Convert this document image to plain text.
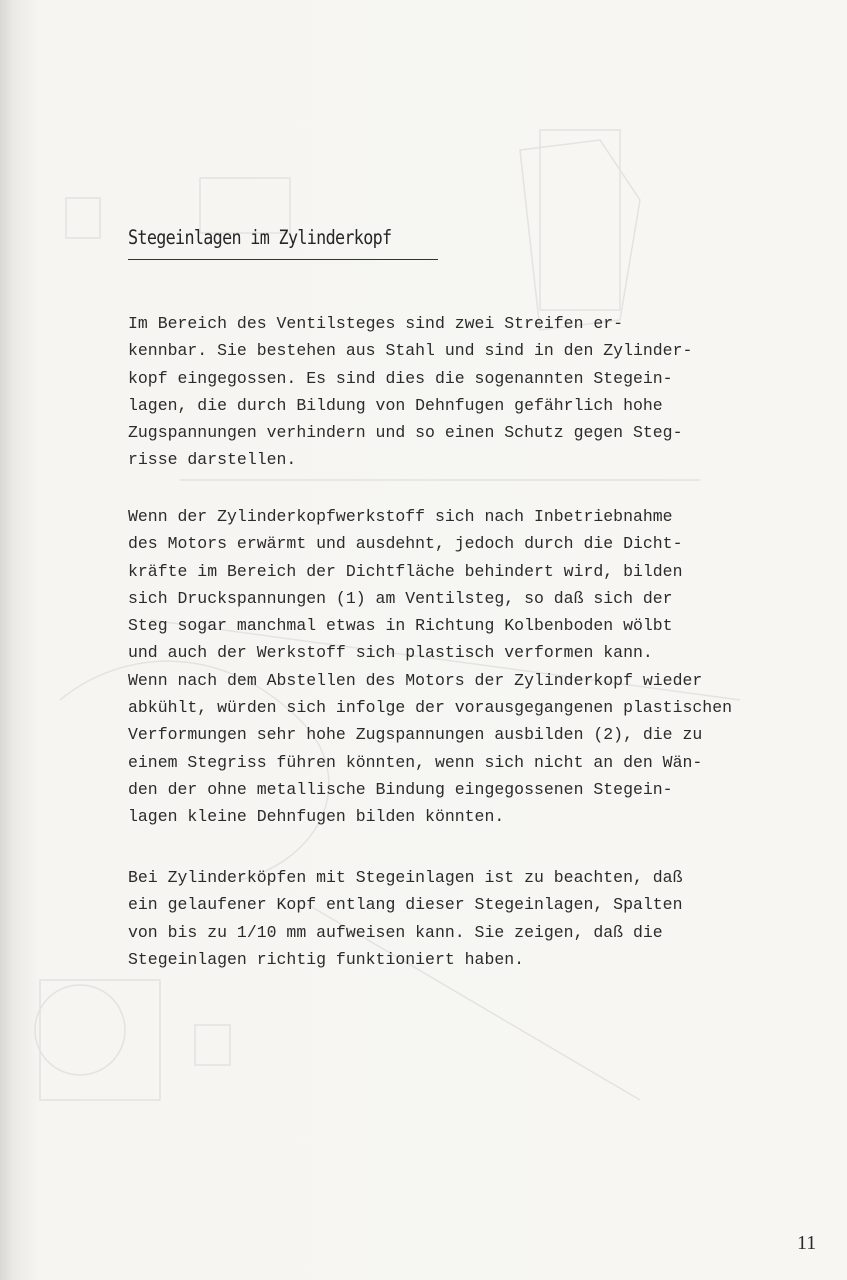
Stegeinlagen im Zylinderkopf
Im Bereich des Ventilsteges sind zwei Streifen er-
kennbar. Sie bestehen aus Stahl und sind in den Zylinder-
kopf eingegossen. Es sind dies die sogenannten Stegein-
lagen, die durch Bildung von Dehnfugen gefährlich hohe
Zugspannungen verhindern und so einen Schutz gegen Steg-
risse darstellen.
Wenn der Zylinderkopfwerkstoff sich nach Inbetriebnahme
des Motors erwärmt und ausdehnt, jedoch durch die Dicht-
kräfte im Bereich der Dichtfläche behindert wird, bilden
sich Druckspannungen (1) am Ventilsteg, so daß sich der
Steg sogar manchmal etwas in Richtung Kolbenboden wölbt
und auch der Werkstoff sich plastisch verformen kann.
Wenn nach dem Abstellen des Motors der Zylinderkopf wieder
abkühlt, würden sich infolge der vorausgegangenen plastischen
Verformungen sehr hohe Zugspannungen ausbilden (2), die zu
einem Stegriss führen könnten, wenn sich nicht an den Wän-
den der ohne metallische Bindung eingegossenen Stegein-
lagen kleine Dehnfugen bilden könnten.
Bei Zylinderköpfen mit Stegeinlagen ist zu beachten, daß
ein gelaufener Kopf entlang dieser Stegeinlagen, Spalten
von bis zu 1/10 mm aufweisen kann. Sie zeigen, daß die
Stegeinlagen richtig funktioniert haben.
11
